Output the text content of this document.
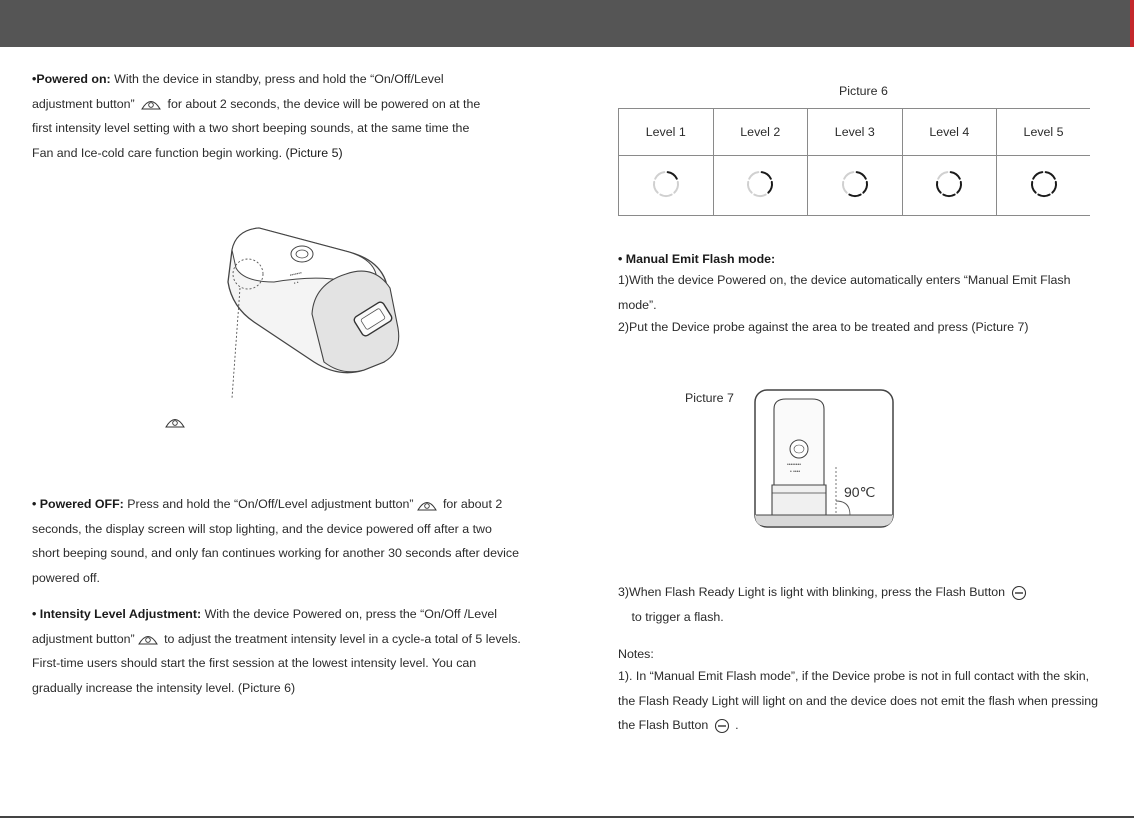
•Powered on: With the device in standby, press and hold the “On/Off/Level adjustment button”  for about 2 seconds, the device will be powered on at the first intensity level setting with a two short beeping sounds, at the same time the Fan and Ice-cold care function begin working. (Picture 5)

•••••••
• •

• Powered OFF: Press and hold the “On/Off/Level adjustment button” for about 2 seconds, the display screen will stop lighting, and the device powered off after a two short beeping sound, and only fan continues working for another 30 seconds after device powered off.

• Intensity Level Adjustment: With the device Powered on, press the “On/Off /Level adjustment button” to adjust the treatment intensity level in a cycle-a total of 5 levels. First-time users should start the first session at the lowest intensity level. You can gradually increase the intensity level. (Picture 6)

Picture 6
Level 1	Level 2	Level 3	Level 4	Level 5

• Manual Emit Flash mode:

1)With the device Powered on, the device automatically enters “Manual Emit Flash mode”.

2)Put the Device probe against the area to be treated and press (Picture 7)

Picture 7
••••••••
• ••••
90℃

3)When Flash Ready Light is light with blinking, press the Flash Button
to trigger a flash.

Notes:

1). In “Manual Emit Flash mode”, if the Device probe is not in full contact with the skin, the Flash Ready Light will light on and the device does not emit the flash when pressing the Flash Button  .
